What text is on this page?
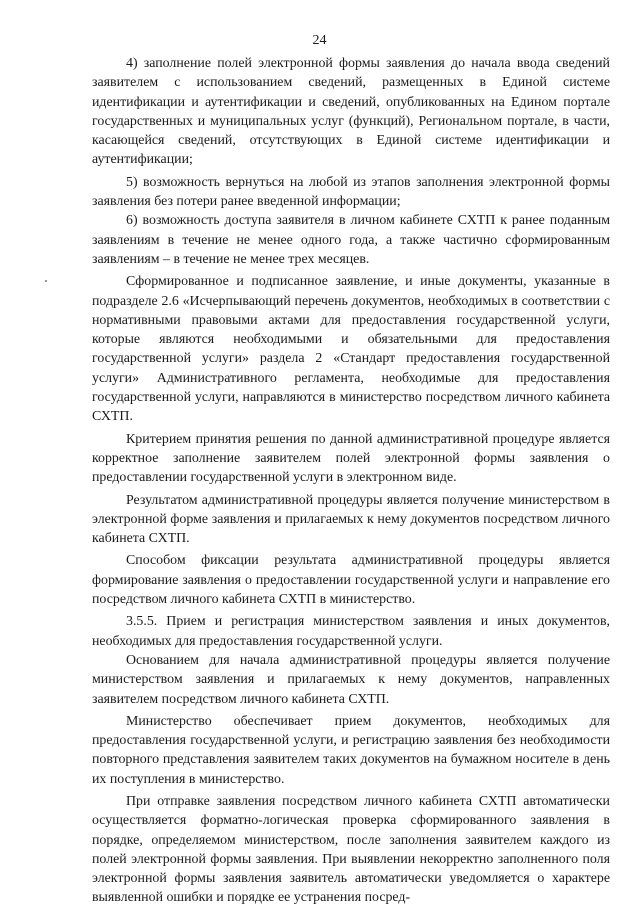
24

4) заполнение полей электронной формы заявления до начала ввода сведений заявителем с использованием сведений, размещенных в Единой системе идентификации и аутентификации и сведений, опубликованных на Едином портале государственных и муниципальных услуг (функций), Региональном портале, в части, касающейся сведений, отсутствующих в Единой системе идентификации и аутентификации;

5) возможность вернуться на любой из этапов заполнения электронной формы заявления без потери ранее введенной информации;

6) возможность доступа заявителя в личном кабинете СХТП к ранее поданным заявлениям в течение не менее одного года, а также частично сформированным заявлениям – в течение не менее трех месяцев.

Сформированное и подписанное заявление, и иные документы, указанные в подразделе 2.6 «Исчерпывающий перечень документов, необходимых в соответствии с нормативными правовыми актами для предоставления государственной услуги, которые являются необходимыми и обязательными для предоставления государственной услуги» раздела 2 «Стандарт предоставления государственной услуги» Административного регламента, необходимые для предоставления государственной услуги, направляются в министерство посредством личного кабинета СХТП.

Критерием принятия решения по данной административной процедуре является корректное заполнение заявителем полей электронной формы заявления о предоставлении государственной услуги в электронном виде.

Результатом административной процедуры является получение министерством в электронной форме заявления и прилагаемых к нему документов посредством личного кабинета СХТП.

Способом фиксации результата административной процедуры является формирование заявления о предоставлении государственной услуги и направление его посредством личного кабинета СХТП в министерство.

3.5.5. Прием и регистрация министерством заявления и иных документов, необходимых для предоставления государственной услуги.

Основанием для начала административной процедуры является получение министерством заявления и прилагаемых к нему документов, направленных заявителем посредством личного кабинета СХТП.

Министерство обеспечивает прием документов, необходимых для предоставления государственной услуги, и регистрацию заявления без необходимости повторного представления заявителем таких документов на бумажном носителе в день их поступления в министерство.

При отправке заявления посредством личного кабинета СХТП автоматически осуществляется форматно-логическая проверка сформированного заявления в порядке, определяемом министерством, после заполнения заявителем каждого из полей электронной формы заявления. При выявлении некорректно заполненного поля электронной формы заявления заявитель автоматически уведомляется о характере выявленной ошибки и порядке ее устранения посред-
